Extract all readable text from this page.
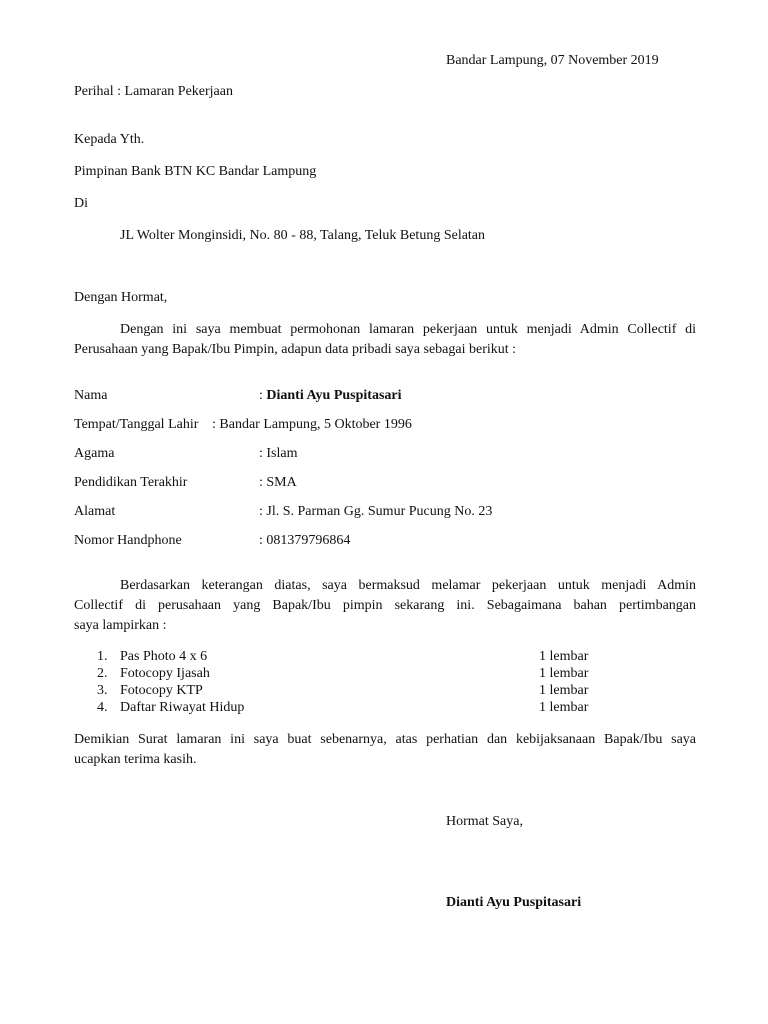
Bandar Lampung, 07 November 2019
Perihal : Lamaran Pekerjaan
Kepada Yth.
Pimpinan Bank BTN KC Bandar Lampung
Di
JL Wolter Monginsidi, No. 80 - 88, Talang, Teluk Betung Selatan
Dengan Hormat,
Dengan ini saya membuat permohonan lamaran pekerjaan untuk menjadi Admin Collectif di
Perusahaan yang Bapak/Ibu Pimpin, adapun data pribadi saya sebagai berikut :
Nama	: Dianti Ayu Puspitasari
Tempat/Tanggal Lahir : Bandar Lampung, 5 Oktober 1996
Agama	: Islam
Pendidikan Terakhir	: SMA
Alamat	: Jl. S. Parman Gg. Sumur Pucung No. 23
Nomor Handphone	: 081379796864
Berdasarkan keterangan diatas, saya bermaksud melamar pekerjaan untuk menjadi Admin
Collectif di perusahaan yang Bapak/Ibu pimpin sekarang ini. Sebagaimana bahan pertimbangan
saya lampirkan :
1. Pas Photo 4 x 6	1 lembar
2. Fotocopy Ijasah	1 lembar
3. Fotocopy KTP	1 lembar
4. Daftar Riwayat Hidup	1 lembar
Demikian Surat lamaran ini saya buat sebenarnya, atas perhatian dan kebijaksanaan Bapak/Ibu saya
ucapkan terima kasih.
Hormat Saya,
Dianti Ayu Puspitasari
